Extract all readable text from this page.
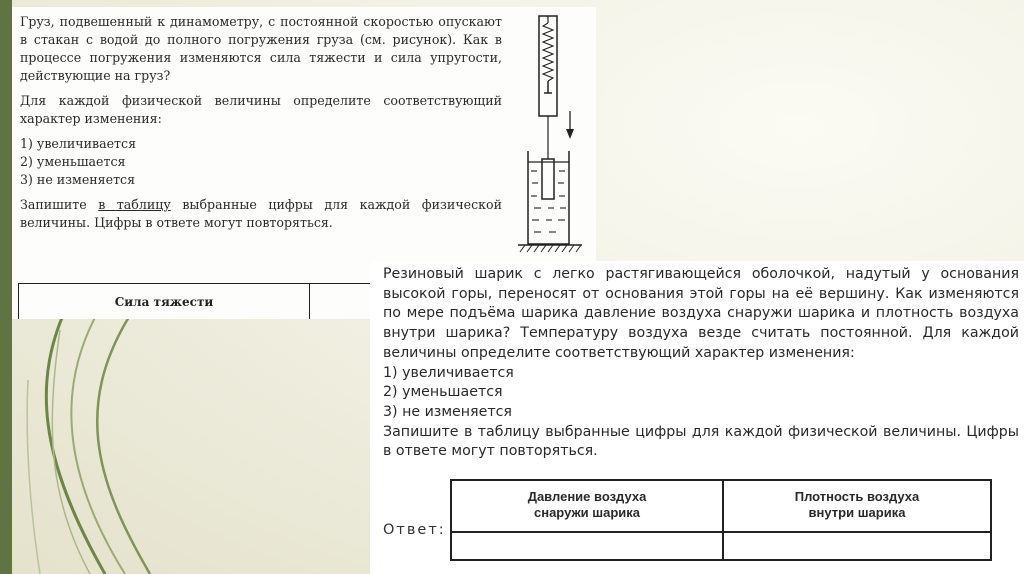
Груз, подвешенный к динамометру, с постоянной скоростью опускают в стакан с водой до полного погружения груза (см. рисунок). Как в процессе погружения изменяются сила тяжести и сила упругости, действующие на груз?

Для каждой физической величины определите соответствующий характер изменения:

1) увеличивается

2) уменьшается

3) не изменяется

Запишите в таблицу выбранные цифры для каждой физической величины. Цифры в ответе могут повторяться.

Сила тяжести

Резиновый шарик с легко растягивающейся оболочкой, надутый у основания высокой горы, переносят от основания этой горы на её вершину. Как изменяются по мере подъёма шарика давление воздуха снаружи шарика и плотность воздуха внутри шарика? Температуру воздуха везде считать постоянной. Для каждой величины определите соответствующий характер изменения:

1) увеличивается

2) уменьшается

3) не изменяется

Запишите в таблицу выбранные цифры для каждой физической величины. Цифры в ответе могут повторяться.

Ответ:
Давление воздуха
снаружи шарика
Плотность воздуха
внутри шарика
